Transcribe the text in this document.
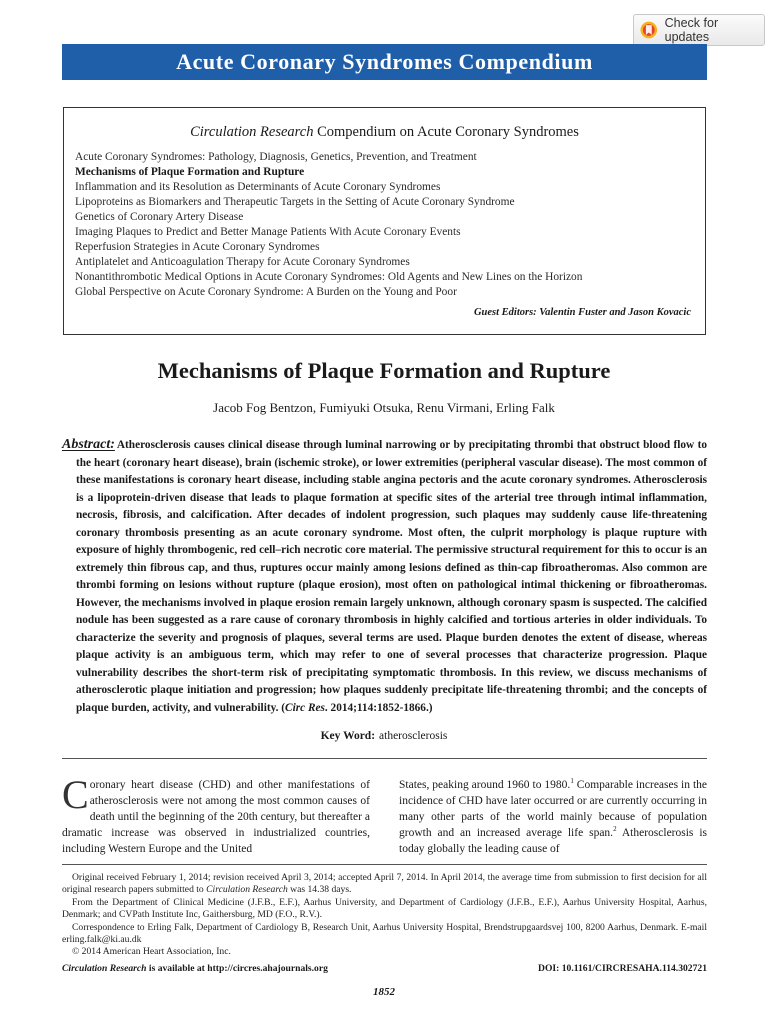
Check for updates
Acute Coronary Syndromes Compendium
Circulation Research Compendium on Acute Coronary Syndromes
Acute Coronary Syndromes: Pathology, Diagnosis, Genetics, Prevention, and Treatment
Mechanisms of Plaque Formation and Rupture
Inflammation and its Resolution as Determinants of Acute Coronary Syndromes
Lipoproteins as Biomarkers and Therapeutic Targets in the Setting of Acute Coronary Syndrome
Genetics of Coronary Artery Disease
Imaging Plaques to Predict and Better Manage Patients With Acute Coronary Events
Reperfusion Strategies in Acute Coronary Syndromes
Antiplatelet and Anticoagulation Therapy for Acute Coronary Syndromes
Nonantithrombotic Medical Options in Acute Coronary Syndromes: Old Agents and New Lines on the Horizon
Global Perspective on Acute Coronary Syndrome: A Burden on the Young and Poor
Guest Editors: Valentin Fuster and Jason Kovacic
Mechanisms of Plaque Formation and Rupture
Jacob Fog Bentzon, Fumiyuki Otsuka, Renu Virmani, Erling Falk
Abstract: Atherosclerosis causes clinical disease through luminal narrowing or by precipitating thrombi that obstruct blood flow to the heart (coronary heart disease), brain (ischemic stroke), or lower extremities (peripheral vascular disease). The most common of these manifestations is coronary heart disease, including stable angina pectoris and the acute coronary syndromes. Atherosclerosis is a lipoprotein-driven disease that leads to plaque formation at specific sites of the arterial tree through intimal inflammation, necrosis, fibrosis, and calcification. After decades of indolent progression, such plaques may suddenly cause life-threatening coronary thrombosis presenting as an acute coronary syndrome. Most often, the culprit morphology is plaque rupture with exposure of highly thrombogenic, red cell–rich necrotic core material. The permissive structural requirement for this to occur is an extremely thin fibrous cap, and thus, ruptures occur mainly among lesions defined as thin-cap fibroatheromas. Also common are thrombi forming on lesions without rupture (plaque erosion), most often on pathological intimal thickening or fibroatheromas. However, the mechanisms involved in plaque erosion remain largely unknown, although coronary spasm is suspected. The calcified nodule has been suggested as a rare cause of coronary thrombosis in highly calcified and tortious arteries in older individuals. To characterize the severity and prognosis of plaques, several terms are used. Plaque burden denotes the extent of disease, whereas plaque activity is an ambiguous term, which may refer to one of several processes that characterize progression. Plaque vulnerability describes the short-term risk of precipitating symptomatic thrombosis. In this review, we discuss mechanisms of atherosclerotic plaque initiation and progression; how plaques suddenly precipitate life-threatening thrombi; and the concepts of plaque burden, activity, and vulnerability. (Circ Res. 2014;114:1852-1866.)
Key Word: atherosclerosis
Coronary heart disease (CHD) and other manifestations of atherosclerosis were not among the most common causes of death until the beginning of the 20th century, but thereafter a dramatic increase was observed in industrialized countries, including Western Europe and the United
States, peaking around 1960 to 1980.$^1$ Comparable increases in the incidence of CHD have later occurred or are currently occurring in many other parts of the world mainly because of population growth and an increased average life span.$^2$ Atherosclerosis is today globally the leading cause of

Original received February 1, 2014; revision received April 3, 2014; accepted April 7, 2014. In April 2014, the average time from submission to first decision for all original research papers submitted to Circulation Research was 14.38 days.

From the Department of Clinical Medicine (J.F.B., E.F.), Aarhus University, and Department of Cardiology (J.F.B., E.F.), Aarhus University Hospital, Aarhus, Denmark; and CVPath Institute Inc, Gaithersburg, MD (F.O., R.V.).

Correspondence to Erling Falk, Department of Cardiology B, Research Unit, Aarhus University Hospital, Brendstrupgaardsvej 100, 8200 Aarhus, Denmark. E-mail erling.falk@ki.au.dk

© 2014 American Heart Association, Inc.

Circulation Research is available at http://circres.ahajournals.org	DOI: 10.1161/CIRCRESAHA.114.302721
1852
